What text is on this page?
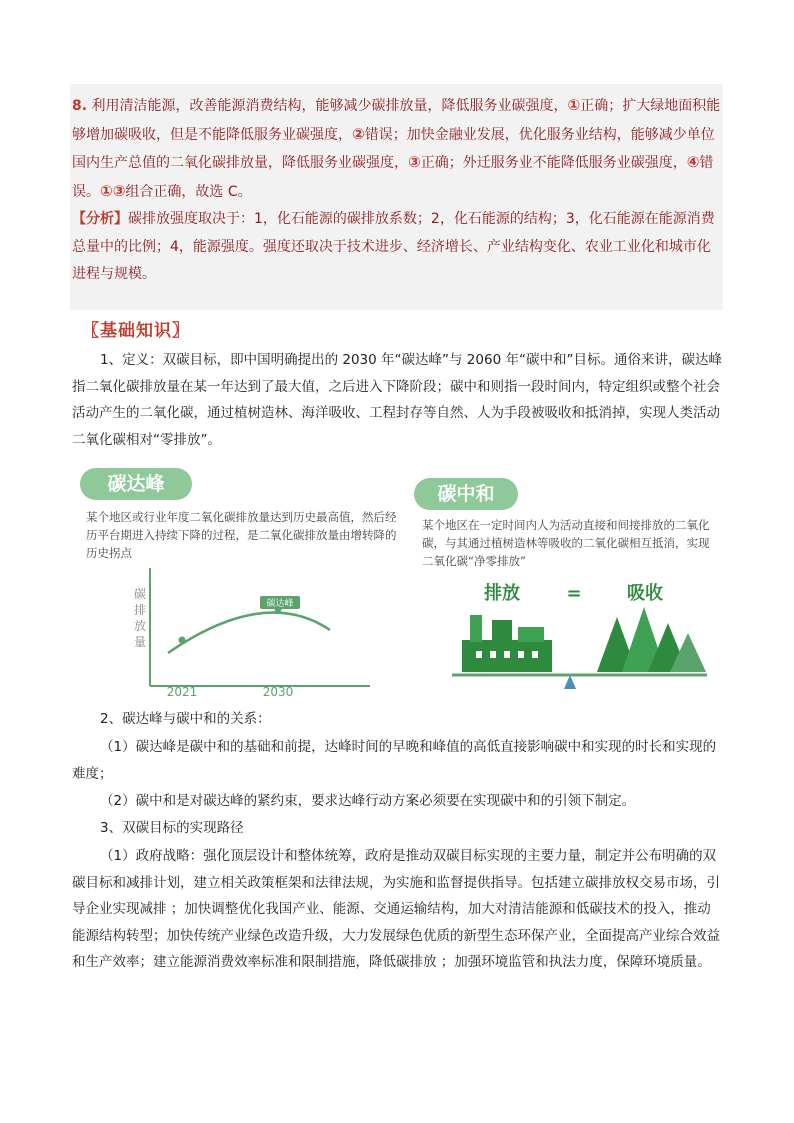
8. 利用清洁能源，改善能源消费结构，能够减少碳排放量，降低服务业碳强度，①正确；扩大绿地面积能够增加碳吸收，但是不能降低服务业碳强度，②错误；加快金融业发展，优化服务业结构，能够减少单位国内生产总值的二氧化碳排放量，降低服务业碳强度，③正确；外迁服务业不能降低服务业碳强度，④错误。①③组合正确，故选 C。
【分析】碳排放强度取决于：1，化石能源的碳排放系数；2，化石能源的结构；3，化石能源在能源消费总量中的比例；4，能源强度。强度还取决于技术进步、经济增长、产业结构变化、农业工业化和城市化进程与规模。
〖基础知识〗
1、定义：双碳目标，即中国明确提出的 2030 年“碳达峰”与 2060 年“碳中和”目标。通俗来讲，碳达峰指二氧化碳排放量在某一年达到了最大值，之后进入下降阶段；碳中和则指一段时间内，特定组织或整个社会活动产生的二氧化碳，通过植树造林、海洋吸收、工程封存等自然、人为手段被吸收和抵消掉，实现人类活动二氧化碳相对“零排放”。
碳达峰
某个地区或行业年度二氧化碳排放量达到历史最高值，然后经历平台期进入持续下降的过程，是二氧化碳排放量由增转降的历史拐点
碳中和
某个地区在一定时间内人为活动直接和间接排放的二氧化碳，与其通过植树造林等吸收的二氧化碳相互抵消，实现二氧化碳“净零排放”
碳达峰
碳
排
放
量
2021	2030
排放	=	吸收
2、碳达峰与碳中和的关系：
（1）碳达峰是碳中和的基础和前提，达峰时间的早晚和峰值的高低直接影响碳中和实现的时长和实现的难度；
（2）碳中和是对碳达峰的紧约束，要求达峰行动方案必须要在实现碳中和的引领下制定。
3、双碳目标的实现路径
（1）政府战略：强化顶层设计和整体统筹，政府是推动双碳目标实现的主要力量，制定并公布明确的双碳目标和减排计划，建立相关政策框架和法律法规，为实施和监督提供指导。包括建立碳排放权交易市场，引导企业实现减排 ；加快调整优化我国产业、能源、交通运输结构，加大对清洁能源和低碳技术的投入，推动能源结构转型；加快传统产业绿色改造升级，大力发展绿色优质的新型生态环保产业，全面提高产业综合效益和生产效率；建立能源消费效率标准和限制措施，降低碳排放 ；加强环境监管和执法力度，保障环境质量。
